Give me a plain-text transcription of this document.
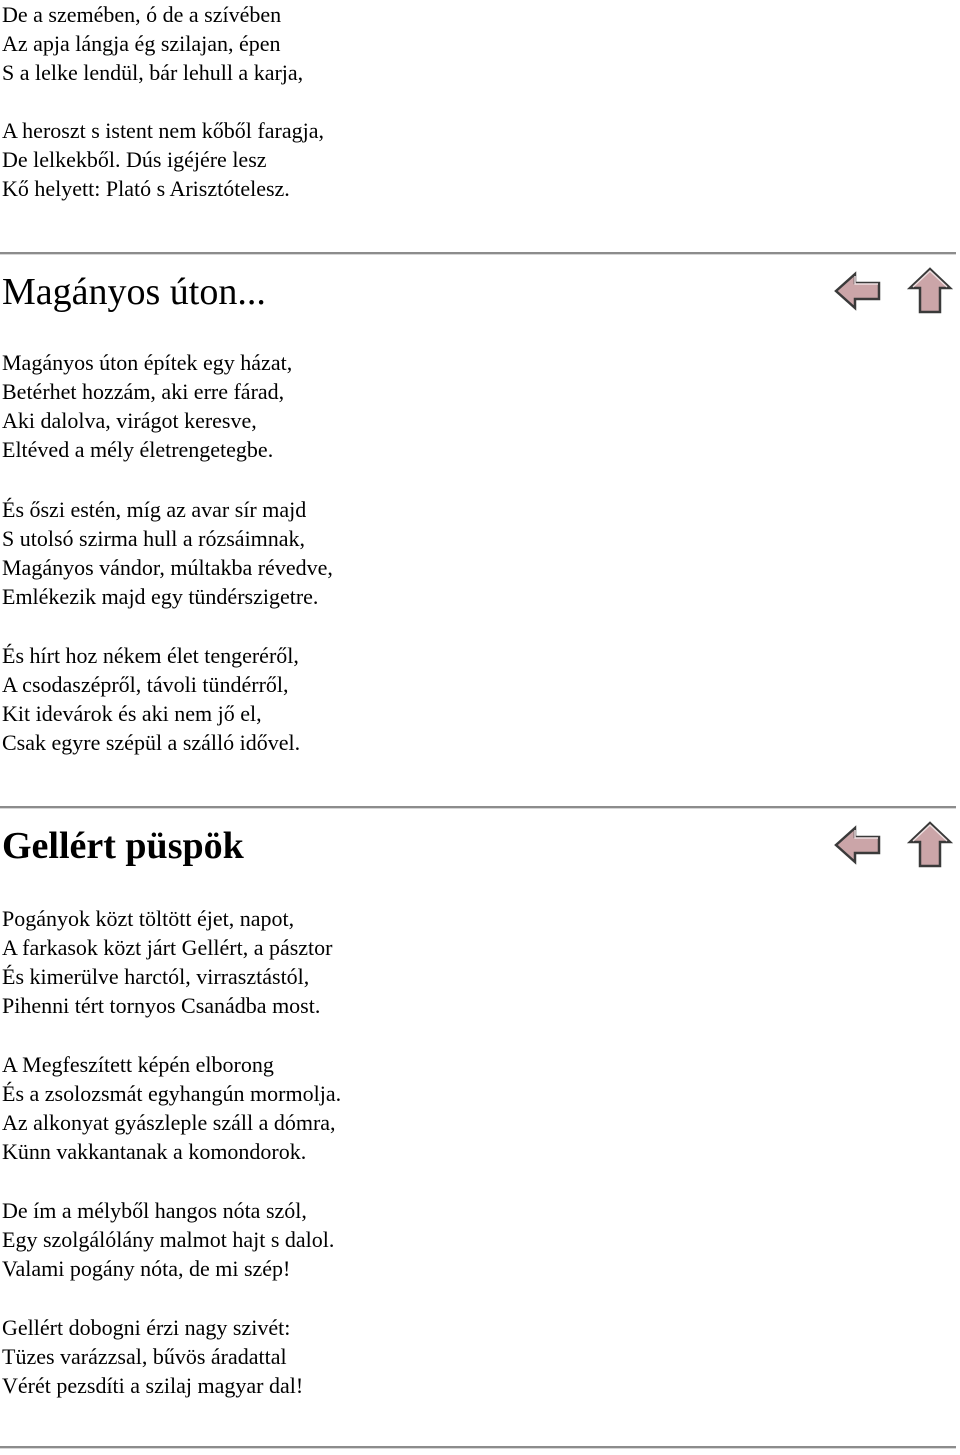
De a szemében, ó de a szívében
Az apja lángja ég szilajan, épen
S a lelke lendül, bár lehull a karja,
A heroszt s istent nem kőből faragja,
De lelkekből. Dús igéjére lesz
Kő helyett: Plató s Arisztótelesz.
Magányos úton...
Magányos úton építek egy házat,
Betérhet hozzám, aki erre fárad,
Aki dalolva, virágot keresve,
Eltéved a mély életrengetegbe.
És őszi estén, míg az avar sír majd
S utolsó szirma hull a rózsáimnak,
Magányos vándor, múltakba révedve,
Emlékezik majd egy tündérszigetre.
És hírt hoz nékem élet tengeréről,
A csodaszépről, távoli tündérről,
Kit idevárok és aki nem jő el,
Csak egyre szépül a szálló idővel.
Gellért püspök
Pogányok közt töltött éjet, napot,
A farkasok közt járt Gellért, a pásztor
És kimerülve harctól, virrasztástól,
Pihenni tért tornyos Csanádba most.
A Megfeszített képén elborong
És a zsolozsmát egyhangún mormolja.
Az alkonyat gyászleple száll a dómra,
Künn vakkantanak a komondorok.
De ím a mélyből hangos nóta szól,
Egy szolgálólány malmot hajt s dalol.
Valami pogány nóta, de mi szép!
Gellért dobogni érzi nagy szivét:
Tüzes varázzsal, bűvös áradattal
Vérét pezsdíti a szilaj magyar dal!
